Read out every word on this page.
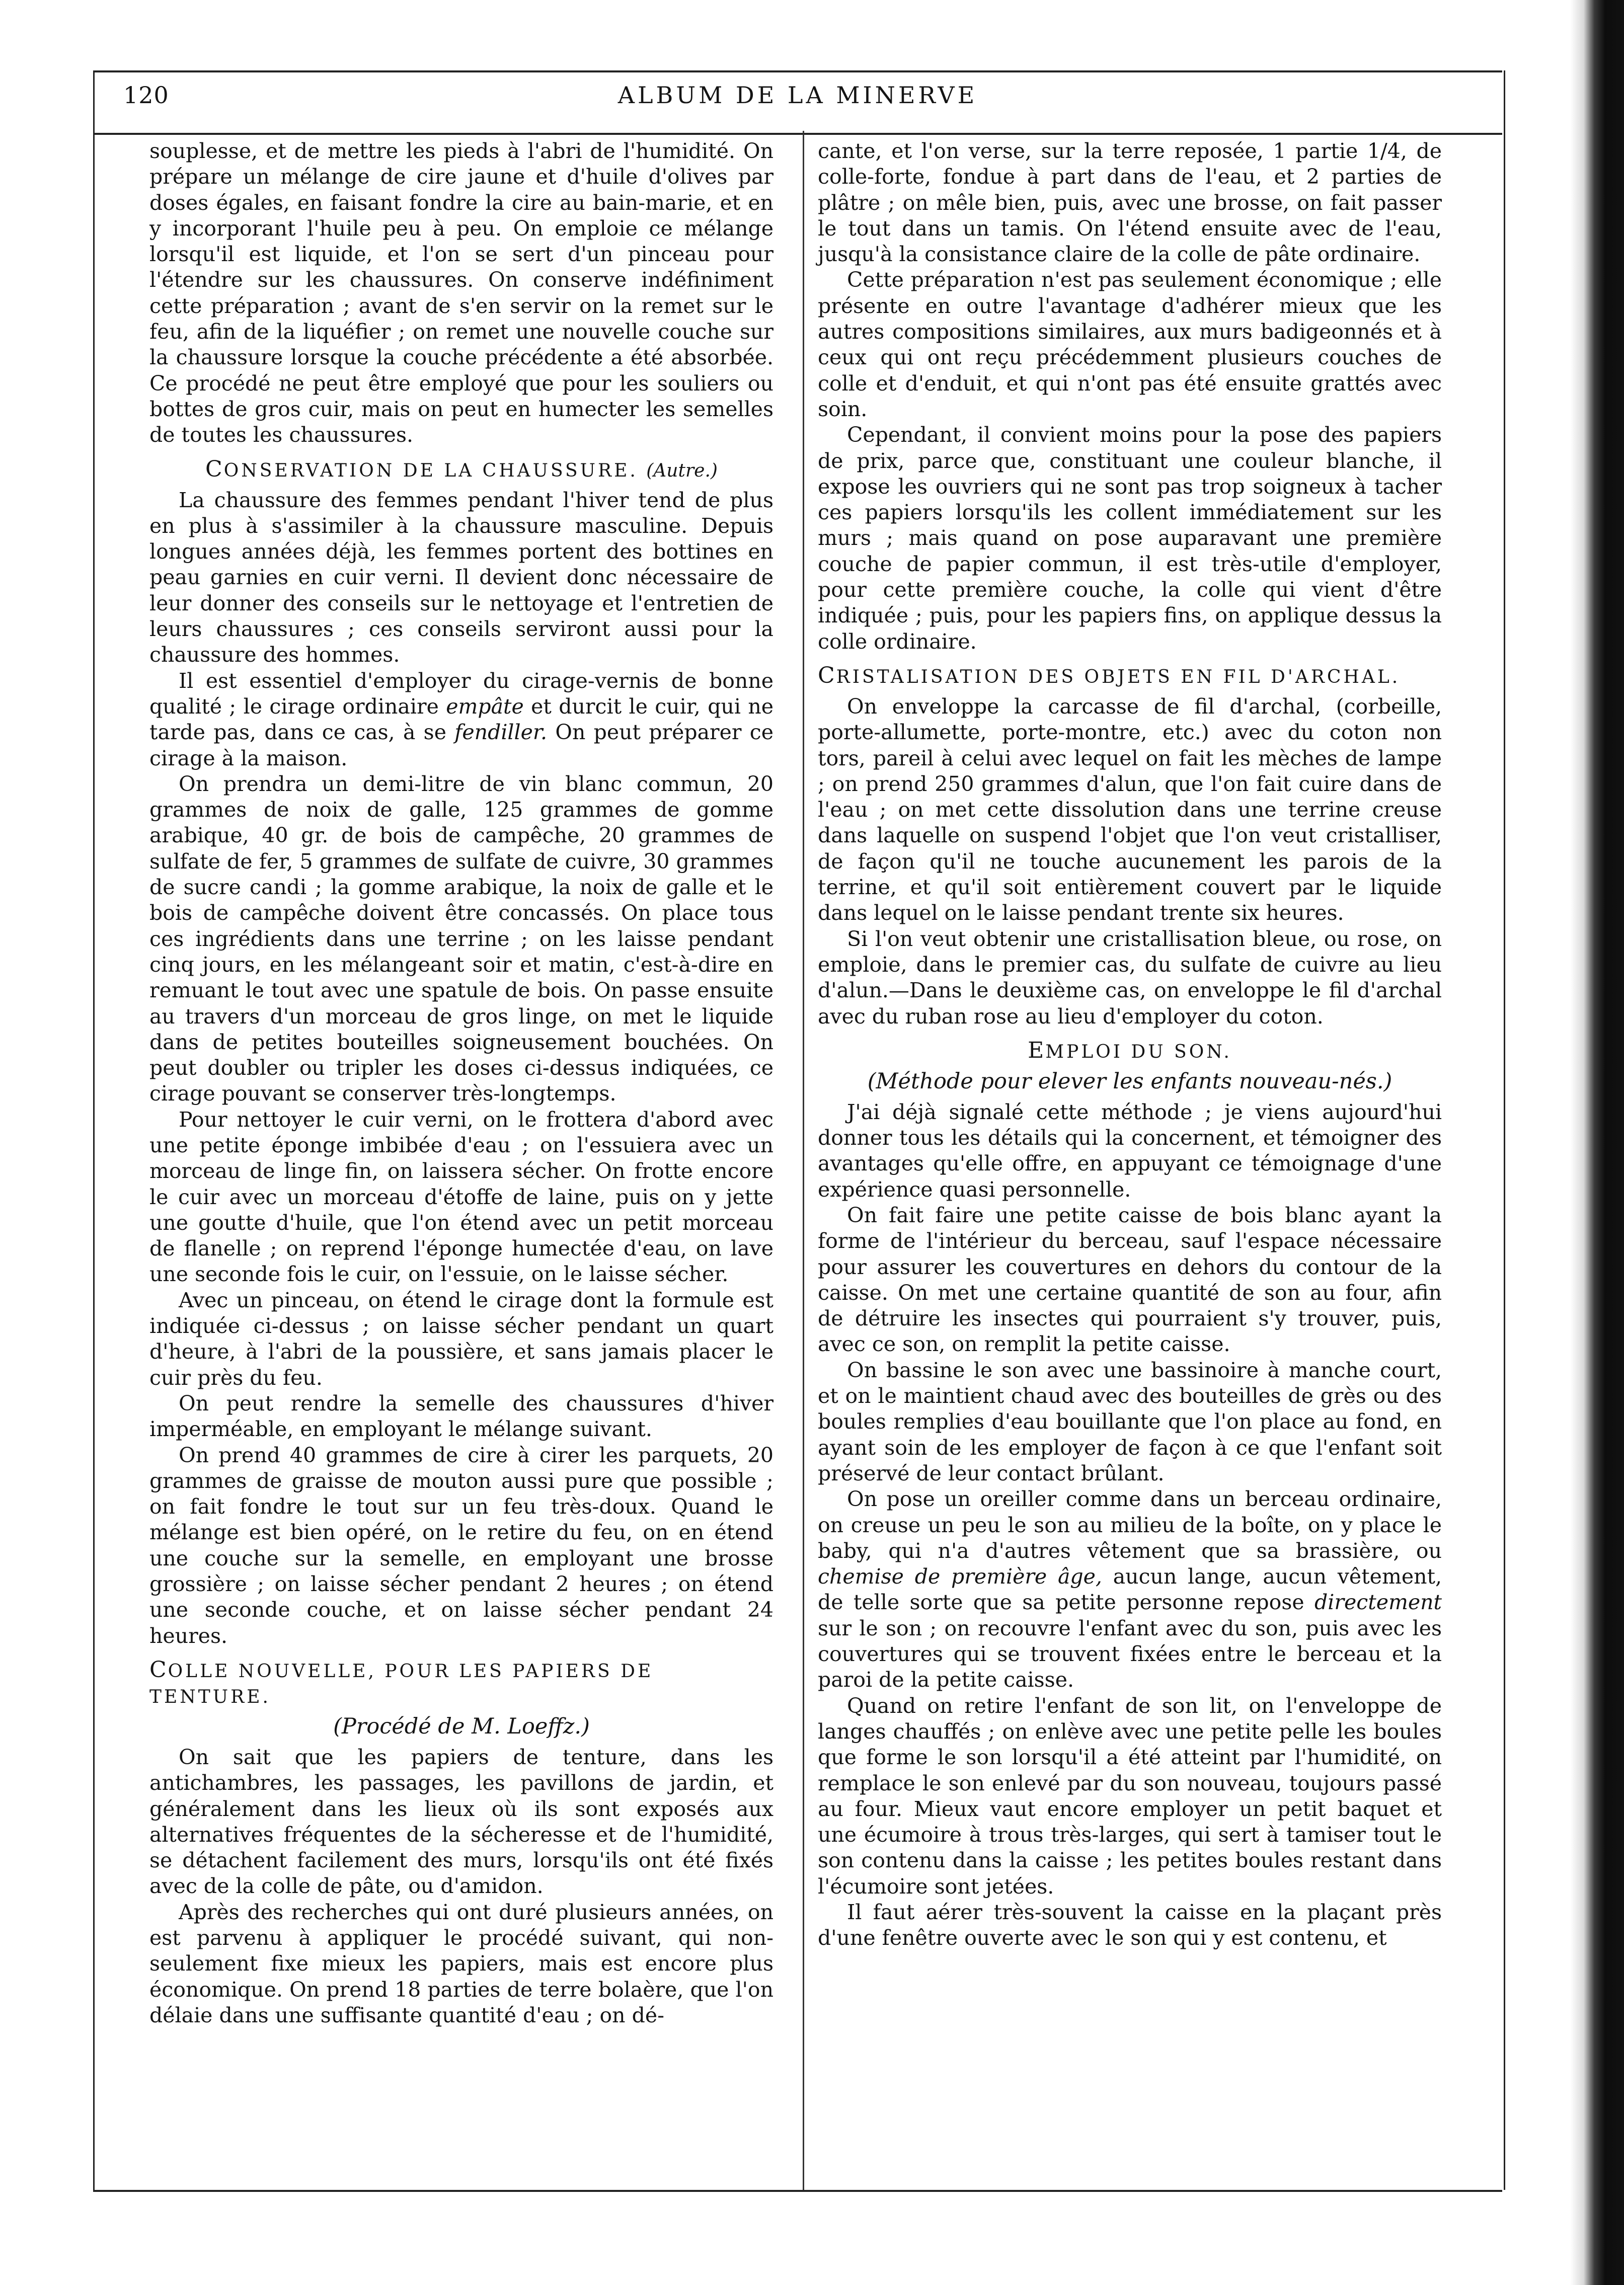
120	ALBUM DE LA MINERVE

souplesse, et de mettre les pieds à l'abri de l'humidité. On prépare un mélange de cire jaune et d'huile d'olives par doses égales, en faisant fondre la cire au bain-marie, et en y incorporant l'huile peu à peu. On emploie ce mélange lorsqu'il est liquide, et l'on se sert d'un pinceau pour l'étendre sur les chaussures. On conserve indéfiniment cette préparation ; avant de s'en servir on la remet sur le feu, afin de la liquéfier ; on remet une nouvelle couche sur la chaussure lorsque la couche précédente a été absorbée. Ce procédé ne peut être employé que pour les souliers ou bottes de gros cuir, mais on peut en humecter les semelles de toutes les chaussures.

CONSERVATION DE LA CHAUSSURE. (Autre.)

La chaussure des femmes pendant l'hiver tend de plus en plus à s'assimiler à la chaussure masculine. Depuis longues années déjà, les femmes portent des bottines en peau garnies en cuir verni. Il devient donc nécessaire de leur donner des conseils sur le nettoyage et l'entretien de leurs chaussures ; ces conseils serviront aussi pour la chaussure des hommes.

Il est essentiel d'employer du cirage-vernis de bonne qualité ; le cirage ordinaire empâte et durcit le cuir, qui ne tarde pas, dans ce cas, à se fendiller. On peut préparer ce cirage à la maison.

On prendra un demi-litre de vin blanc commun, 20 grammes de noix de galle, 125 grammes de gomme arabique, 40 gr. de bois de campêche, 20 grammes de sulfate de fer, 5 grammes de sulfate de cuivre, 30 grammes de sucre candi ; la gomme arabique, la noix de galle et le bois de campêche doivent être concassés. On place tous ces ingrédients dans une terrine ; on les laisse pendant cinq jours, en les mélangeant soir et matin, c'est-à-dire en remuant le tout avec une spatule de bois. On passe ensuite au travers d'un morceau de gros linge, on met le liquide dans de petites bouteilles soigneusement bouchées. On peut doubler ou tripler les doses ci-dessus indiquées, ce cirage pouvant se conserver très-longtemps.

Pour nettoyer le cuir verni, on le frottera d'abord avec une petite éponge imbibée d'eau ; on l'essuiera avec un morceau de linge fin, on laissera sécher. On frotte encore le cuir avec un morceau d'étoffe de laine, puis on y jette une goutte d'huile, que l'on étend avec un petit morceau de flanelle ; on reprend l'éponge humectée d'eau, on lave une seconde fois le cuir, on l'essuie, on le laisse sécher.

Avec un pinceau, on étend le cirage dont la formule est indiquée ci-dessus ; on laisse sécher pendant un quart d'heure, à l'abri de la poussière, et sans jamais placer le cuir près du feu.

On peut rendre la semelle des chaussures d'hiver imperméable, en employant le mélange suivant.

On prend 40 grammes de cire à cirer les parquets, 20 grammes de graisse de mouton aussi pure que possible ; on fait fondre le tout sur un feu très-doux. Quand le mélange est bien opéré, on le retire du feu, on en étend une couche sur la semelle, en employant une brosse grossière ; on laisse sécher pendant 2 heures ; on étend une seconde couche, et on laisse sécher pendant 24 heures.

COLLE NOUVELLE, POUR LES PAPIERS DE TENTURE.
(Procédé de M. Loeffz.)

On sait que les papiers de tenture, dans les antichambres, les passages, les pavillons de jardin, et généralement dans les lieux où ils sont exposés aux alternatives fréquentes de la sécheresse et de l'humidité, se détachent facilement des murs, lorsqu'ils ont été fixés avec de la colle de pâte, ou d'amidon.

Après des recherches qui ont duré plusieurs années, on est parvenu à appliquer le procédé suivant, qui non-seulement fixe mieux les papiers, mais est encore plus économique. On prend 18 parties de terre bolaère, que l'on délaie dans une suffisante quantité d'eau ; on dé-

cante, et l'on verse, sur la terre reposée, 1 partie 1/4, de colle-forte, fondue à part dans de l'eau, et 2 parties de plâtre ; on mêle bien, puis, avec une brosse, on fait passer le tout dans un tamis. On l'étend ensuite avec de l'eau, jusqu'à la consistance claire de la colle de pâte ordinaire.

Cette préparation n'est pas seulement économique ; elle présente en outre l'avantage d'adhérer mieux que les autres compositions similaires, aux murs badigeonnés et à ceux qui ont reçu précédemment plusieurs couches de colle et d'enduit, et qui n'ont pas été ensuite grattés avec soin.

Cependant, il convient moins pour la pose des papiers de prix, parce que, constituant une couleur blanche, il expose les ouvriers qui ne sont pas trop soigneux à tacher ces papiers lorsqu'ils les collent immédiatement sur les murs ; mais quand on pose auparavant une première couche de papier commun, il est très-utile d'employer, pour cette première couche, la colle qui vient d'être indiquée ; puis, pour les papiers fins, on applique dessus la colle ordinaire.

CRISTALISATION DES OBJETS EN FIL D'ARCHAL.

On enveloppe la carcasse de fil d'archal, (corbeille, porte-allumette, porte-montre, etc.) avec du coton non tors, pareil à celui avec lequel on fait les mèches de lampe ; on prend 250 grammes d'alun, que l'on fait cuire dans de l'eau ; on met cette dissolution dans une terrine creuse dans laquelle on suspend l'objet que l'on veut cristalliser, de façon qu'il ne touche aucunement les parois de la terrine, et qu'il soit entièrement couvert par le liquide dans lequel on le laisse pendant trente six heures.

Si l'on veut obtenir une cristallisation bleue, ou rose, on emploie, dans le premier cas, du sulfate de cuivre au lieu d'alun.—Dans le deuxième cas, on enveloppe le fil d'archal avec du ruban rose au lieu d'employer du coton.

EMPLOI DU SON.
(Méthode pour elever les enfants nouveau-nés.)

J'ai déjà signalé cette méthode ; je viens aujourd'hui donner tous les détails qui la concernent, et témoigner des avantages qu'elle offre, en appuyant ce témoignage d'une expérience quasi personnelle.

On fait faire une petite caisse de bois blanc ayant la forme de l'intérieur du berceau, sauf l'espace nécessaire pour assurer les couvertures en dehors du contour de la caisse. On met une certaine quantité de son au four, afin de détruire les insectes qui pourraient s'y trouver, puis, avec ce son, on remplit la petite caisse.

On bassine le son avec une bassinoire à manche court, et on le maintient chaud avec des bouteilles de grès ou des boules remplies d'eau bouillante que l'on place au fond, en ayant soin de les employer de façon à ce que l'enfant soit préservé de leur contact brûlant.

On pose un oreiller comme dans un berceau ordinaire, on creuse un peu le son au milieu de la boîte, on y place le baby, qui n'a d'autres vêtement que sa brassière, ou chemise de première âge, aucun lange, aucun vêtement, de telle sorte que sa petite personne repose directement sur le son ; on recouvre l'enfant avec du son, puis avec les couvertures qui se trouvent fixées entre le berceau et la paroi de la petite caisse.

Quand on retire l'enfant de son lit, on l'enveloppe de langes chauffés ; on enlève avec une petite pelle les boules que forme le son lorsqu'il a été atteint par l'humidité, on remplace le son enlevé par du son nouveau, toujours passé au four. Mieux vaut encore employer un petit baquet et une écumoire à trous très-larges, qui sert à tamiser tout le son contenu dans la caisse ; les petites boules restant dans l'écumoire sont jetées.

Il faut aérer très-souvent la caisse en la plaçant près d'une fenêtre ouverte avec le son qui y est contenu, et
